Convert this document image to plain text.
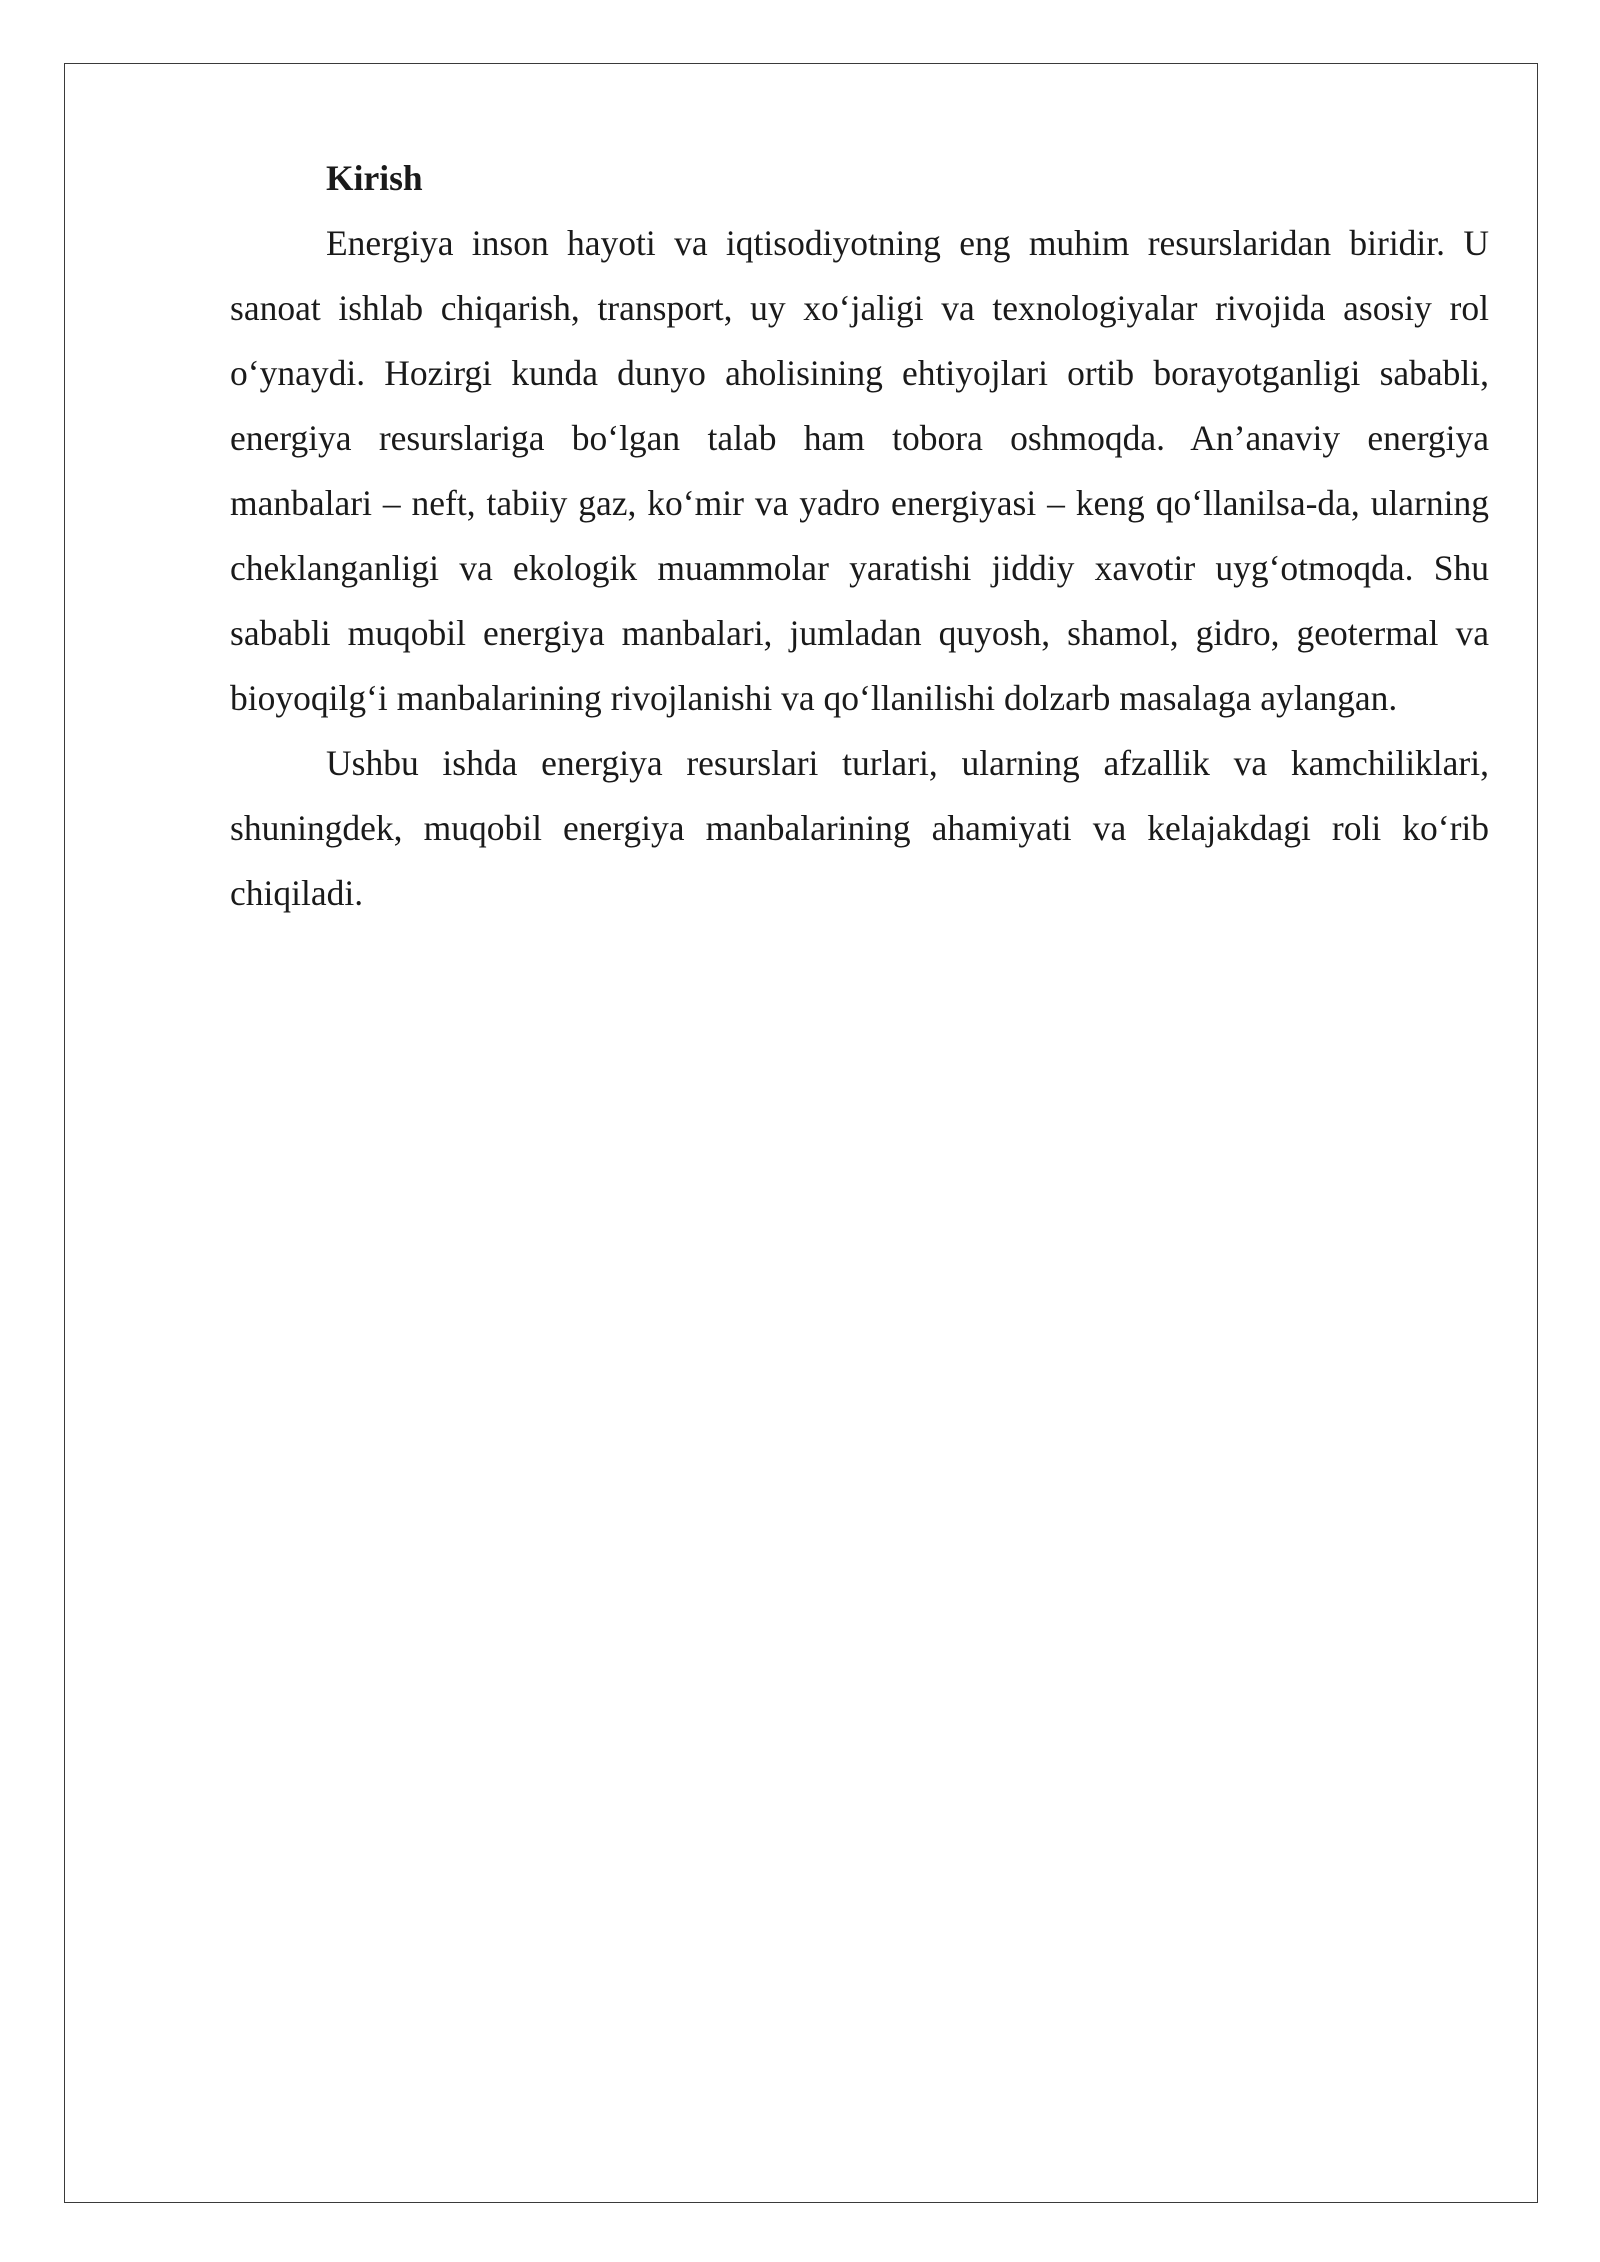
Kirish

Energiya inson hayoti va iqtisodiyotning eng muhim resurslaridan biridir. U sanoat ishlab chiqarish, transport, uy xo‘jaligi va texnologiyalar rivojida asosiy rol o‘ynaydi. Hozirgi kunda dunyo aholisining ehtiyojlari ortib borayotganligi sababli, energiya resurslariga bo‘lgan talab ham tobora oshmoqda. An’anaviy energiya manbalari – neft, tabiiy gaz, ko‘mir va yadro energiyasi – keng qo‘llanilsa-da, ularning cheklanganligi va ekologik muammolar yaratishi jiddiy xavotir uyg‘otmoqda. Shu sababli muqobil energiya manbalari, jumladan quyosh, shamol, gidro, geotermal va bioyoqilg‘i manbalarining rivojlanishi va qo‘llanilishi dolzarb masalaga aylangan.

Ushbu ishda energiya resurslari turlari, ularning afzallik va kamchiliklari, shuningdek, muqobil energiya manbalarining ahamiyati va kelajakdagi roli ko‘rib chiqiladi.
